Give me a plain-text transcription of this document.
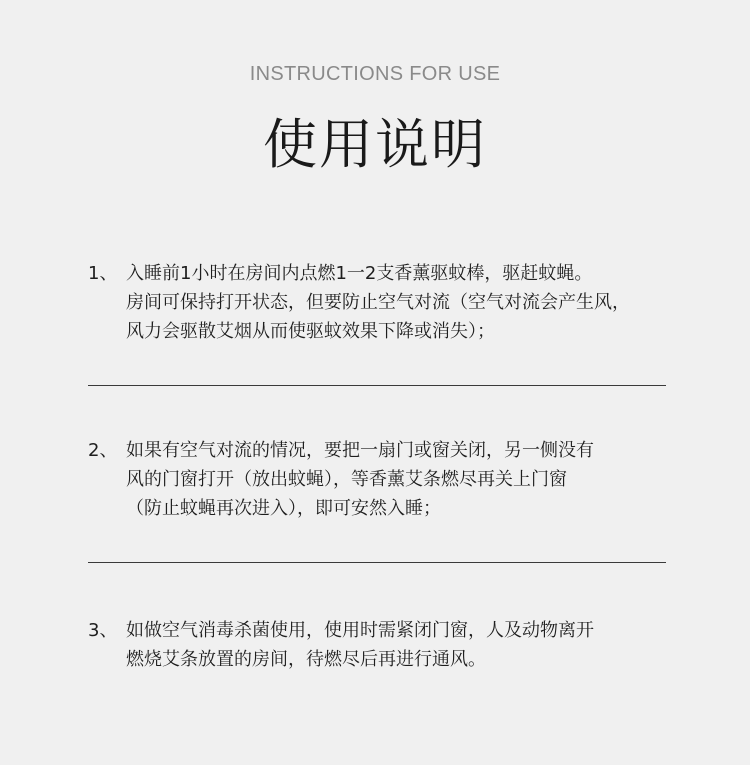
INSTRUCTIONS FOR USE
使用说明
1、 入睡前1小时在房间内点燃1一2支香薰驱蚊棒，驱赶蚊蝇。
房间可保持打开状态，但要防止空气对流（空气对流会产生风，
风力会驱散艾烟从而使驱蚊效果下降或消失）；
2、 如果有空气对流的情况，要把一扇门或窗关闭，另一侧没有
风的门窗打开（放出蚊蝇），等香薰艾条燃尽再关上门窗
（防止蚊蝇再次进入），即可安然入睡；
3、 如做空气消毒杀菌使用，使用时需紧闭门窗，人及动物离开
燃烧艾条放置的房间，待燃尽后再进行通风。
